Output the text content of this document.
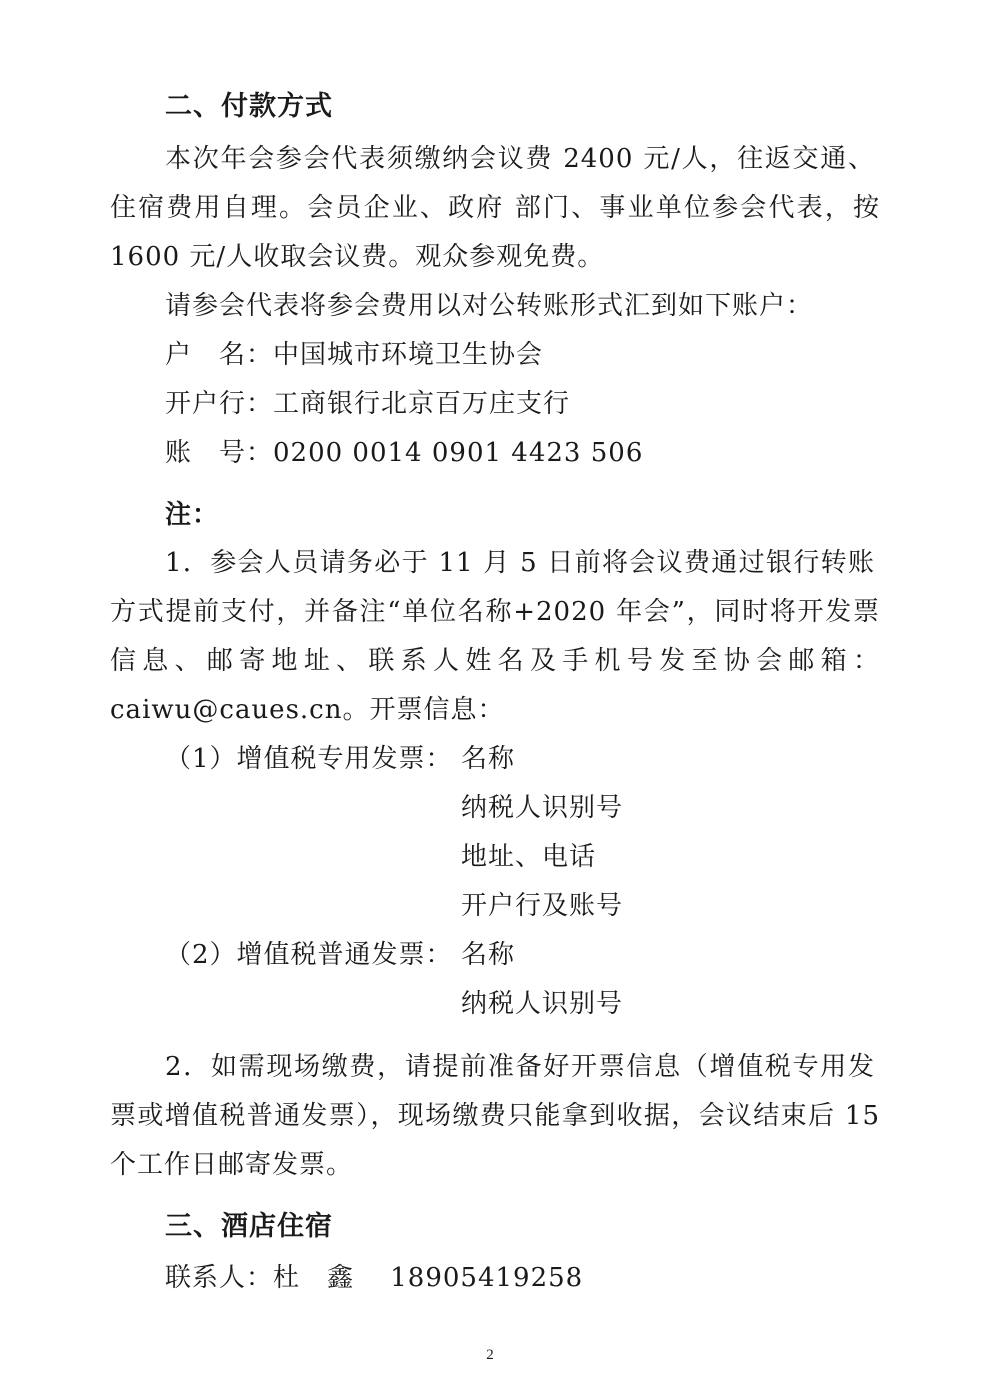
二、付款方式
本次年会参会代表须缴纳会议费 2400 元/人，往返交通、
住宿费用自理。会员企业、政府 部门、事业单位参会代表，按
1600 元/人收取会议费。观众参观免费。
请参会代表将参会费用以对公转账形式汇到如下账户：
户　名：中国城市环境卫生协会
开户行：工商银行北京百万庄支行
账　号：0200 0014 0901 4423 506
注：
1．参会人员请务必于 11 月 5 日前将会议费通过银行转账
方式提前支付，并备注“单位名称+2020 年会”，同时将开发票
信息、邮寄地址、联系人姓名及手机号发至协会邮箱：
caiwu@caues.cn。开票信息：
（1）增值税专用发票： 名称
纳税人识别号
地址、电话
开户行及账号
（2）增值税普通发票： 名称
纳税人识别号
2．如需现场缴费，请提前准备好开票信息（增值税专用发
票或增值税普通发票），现场缴费只能拿到收据，会议结束后 15
个工作日邮寄发票。
三、酒店住宿
联系人：杜　鑫　 18905419258
2
